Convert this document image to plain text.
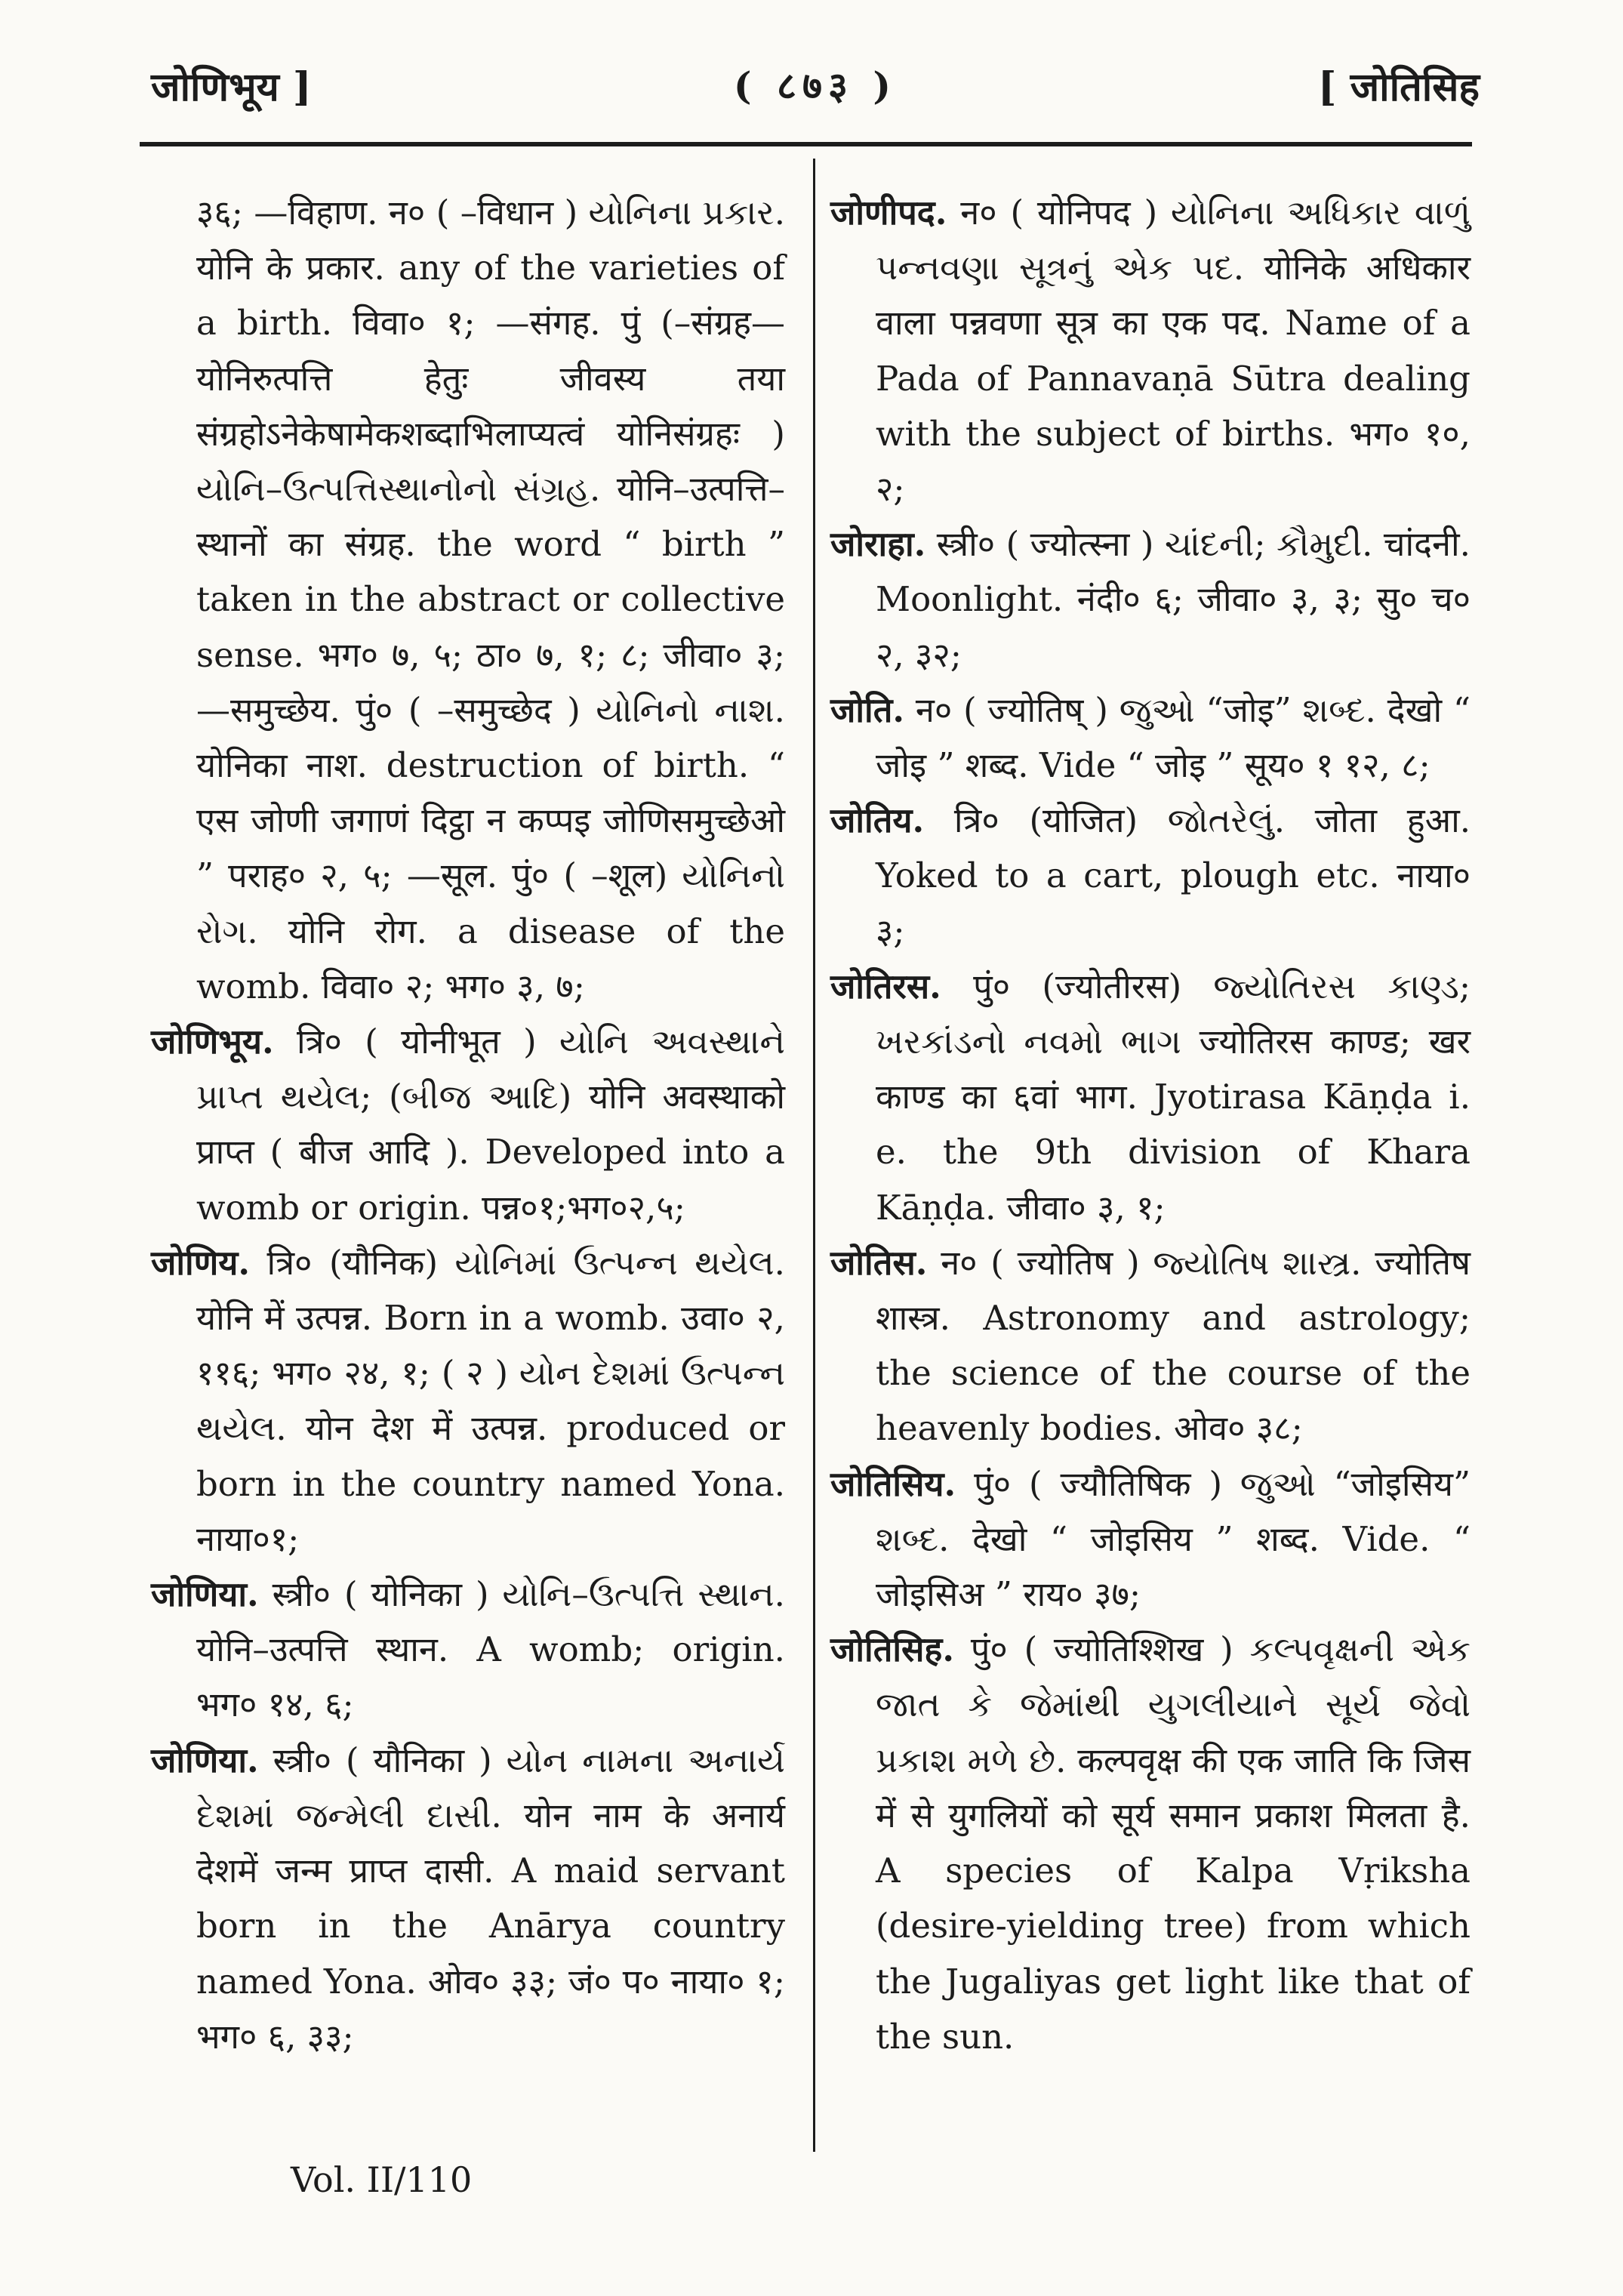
जोणिभूय ]	( ८७३ )	[ जोतिसिह

३६; —विहाण. न० ( –विधान ) યોનિના પ્રકાર. योनि के प्रकार. any of the varieties of a birth. विवा० १; —संगह. पुं (–संग्रह—योनिरुत्पत्ति हेतुः जीवस्य तया संग्रहोऽनेकेषामेकशब्दाभिलाप्यत्वं योनिसंग्रहः ) યોનિ–ઉત્પત્તિસ્થાનોનો સંગ્રહ. योनि–उत्पत्ति–स्थानों का संग्रह. the word “ birth ” taken in the abstract or collective sense. भग० ७, ५; ठा० ७, १; ८; जीवा० ३; —समुच्छेय. पुं० ( –समुच्छेद ) યોનિનો નાશ. योनिका नाश. destruction of birth. “ एस जोणी जगाणं दिट्ठा न कप्पइ जोणिसमुच्छेओ ” पराह० २, ५; —सूल. पुं० ( –शूल) યોનિનો રોગ. योनि रोग. a disease of the womb. विवा० २; भग० ३, ७;

जोणिभूय. त्रि० ( योनीभूत ) યોનિ અવસ્થાને પ્રાપ્ત થયેલ; (બીજ આદિ) योनि अवस्थाको प्राप्त ( बीज आदि ). Developed into a womb or origin. पन्न०१;भग०२,५;

जोणिय. त्रि० (यौनिक) યોનિમાં ઉત્પન્ન થયેલ. योनि में उत्पन्न. Born in a womb. उवा० २, ११६; भग० २४, १; ( २ ) યોન દેશમાં ઉત્પન્ન થયેલ. योन देश में उत्पन्न. produced or born in the country named Yona. नाया०१;

जोणिया. स्त्री० ( योनिका ) યોનિ–ઉત્પત્તિ સ્થાન. योनि–उत्पत्ति स्थान. A womb; origin. भग० १४, ६;

जोणिया. स्त्री० ( यौनिका ) યોન નામના અનાર્ય દેશમાં જન્મેલી દાસી. योन नाम के अनार्य देशमें जन्म प्राप्त दासी. A maid servant born in the Anārya country named Yona. ओव० ३३; जं० प० नाया० १; भग० ६, ३३;

जोणीपद. न० ( योनिपद ) યોનિના અધિકાર વાળું પન્નવણા સૂત્રનું એક પદ. योनिके अधिकार वाला पन्नवणा सूत्र का एक पद. Name of a Pada of Pannavaṇā Sūtra dealing with the subject of births. भग० १०, २;

जोराहा. स्त्री० ( ज्योत्स्ना ) ચાંદની; કૌમુદી. चांदनी. Moonlight. नंदी० ६; जीवा० ३, ३; सु० च० २, ३२;

जोति. न० ( ज्योतिष् ) જુઓ “जोइ” શબ્દ. देखो “ जोइ ” शब्द. Vide “ जोइ ” सूय० १ १२, ८;

जोतिय. त्रि० (योजित) જોતરેલું. जोता हुआ. Yoked to a cart, plough etc. नाया० ३;

जोतिरस. पुं० (ज्योतीरस) જ્યોતિરસ કાણ્ડ; ખરકાંડનો નવમો ભાગ ज्योतिरस काण्ड; खर काण्ड का ६वां भाग. Jyotirasa Kāṇḍa i. e. the 9th division of Khara Kāṇḍa. जीवा० ३, १;

जोतिस. न० ( ज्योतिष ) જ્યોતિષ શાસ્ત્ર. ज्योतिष शास्त्र. Astronomy and astrology; the science of the course of the heavenly bodies. ओव० ३८;

जोतिसिय. पुं० ( ज्यौतिषिक ) જુઓ “जोइसिय” શબ્દ. देखो “ जोइसिय ” शब्द. Vide. “ जोइसिअ ” राय० ३७;

जोतिसिह. पुं० ( ज्योतिश्शिख ) કલ્પવૃક્ષની એક જાત કે જેમાંથી યુગલીયાને સૂર્ય જેવો પ્રકાશ મળે છે. कल्पवृक्ष की एक जाति कि जिस में से युगलियों को सूर्य समान प्रकाश मिलता है. A species of Kalpa Vṛiksha (desire-yielding tree) from which the Jugaliyas get light like that of the sun.

Vol. II/110
